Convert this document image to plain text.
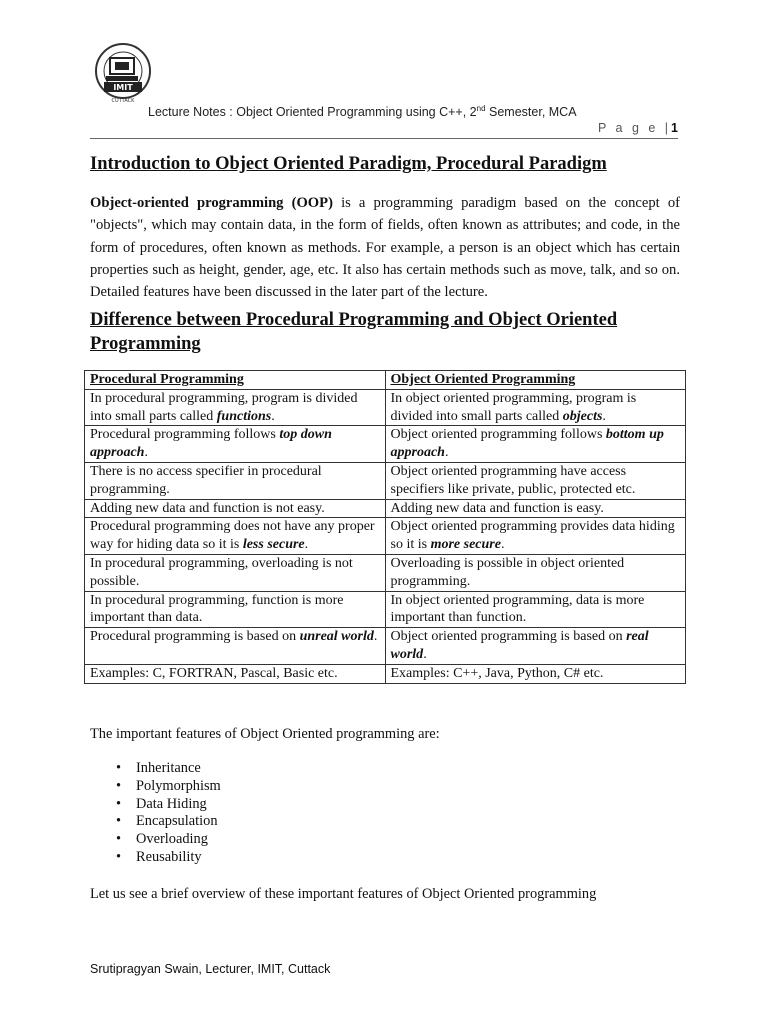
IMIT
CUTTACK
Lecture Notes : Object Oriented Programming using C++, 2nd Semester, MCA
P a g e |1
Introduction to Object Oriented Paradigm, Procedural Paradigm

Object-oriented programming (OOP) is a programming paradigm based on the concept of "objects", which may contain data, in the form of fields, often known as attributes; and code, in the form of procedures, often known as methods. For example, a person is an object which has certain properties such as height, gender, age, etc. It also has certain methods such as move, talk, and so on. Detailed features have been discussed in the later part of the lecture.

Difference between Procedural Programming and Object Oriented Programming
Procedural Programming	Object Oriented Programming
In procedural programming, program is divided into small parts called functions.	In object oriented programming, program is divided into small parts called objects.
Procedural programming follows top down approach.	Object oriented programming follows bottom up approach.
There is no access specifier in procedural programming.	Object oriented programming have access specifiers like private, public, protected etc.
Adding new data and function is not easy.	Adding new data and function is easy.
Procedural programming does not have any proper way for hiding data so it is less secure.	Object oriented programming provides data hiding so it is more secure.
In procedural programming, overloading is not possible.	Overloading is possible in object oriented programming.
In procedural programming, function is more important than data.	In object oriented programming, data is more important than function.
Procedural programming is based on unreal world.	Object oriented programming is based on real world.
Examples: C, FORTRAN, Pascal, Basic etc.	Examples: C++, Java, Python, C# etc.
The important features of Object Oriented programming are:
• Inheritance
• Polymorphism
• Data Hiding
• Encapsulation
• Overloading
• Reusability
Let us see a brief overview of these important features of Object Oriented programming
Srutipragyan Swain, Lecturer, IMIT, Cuttack
